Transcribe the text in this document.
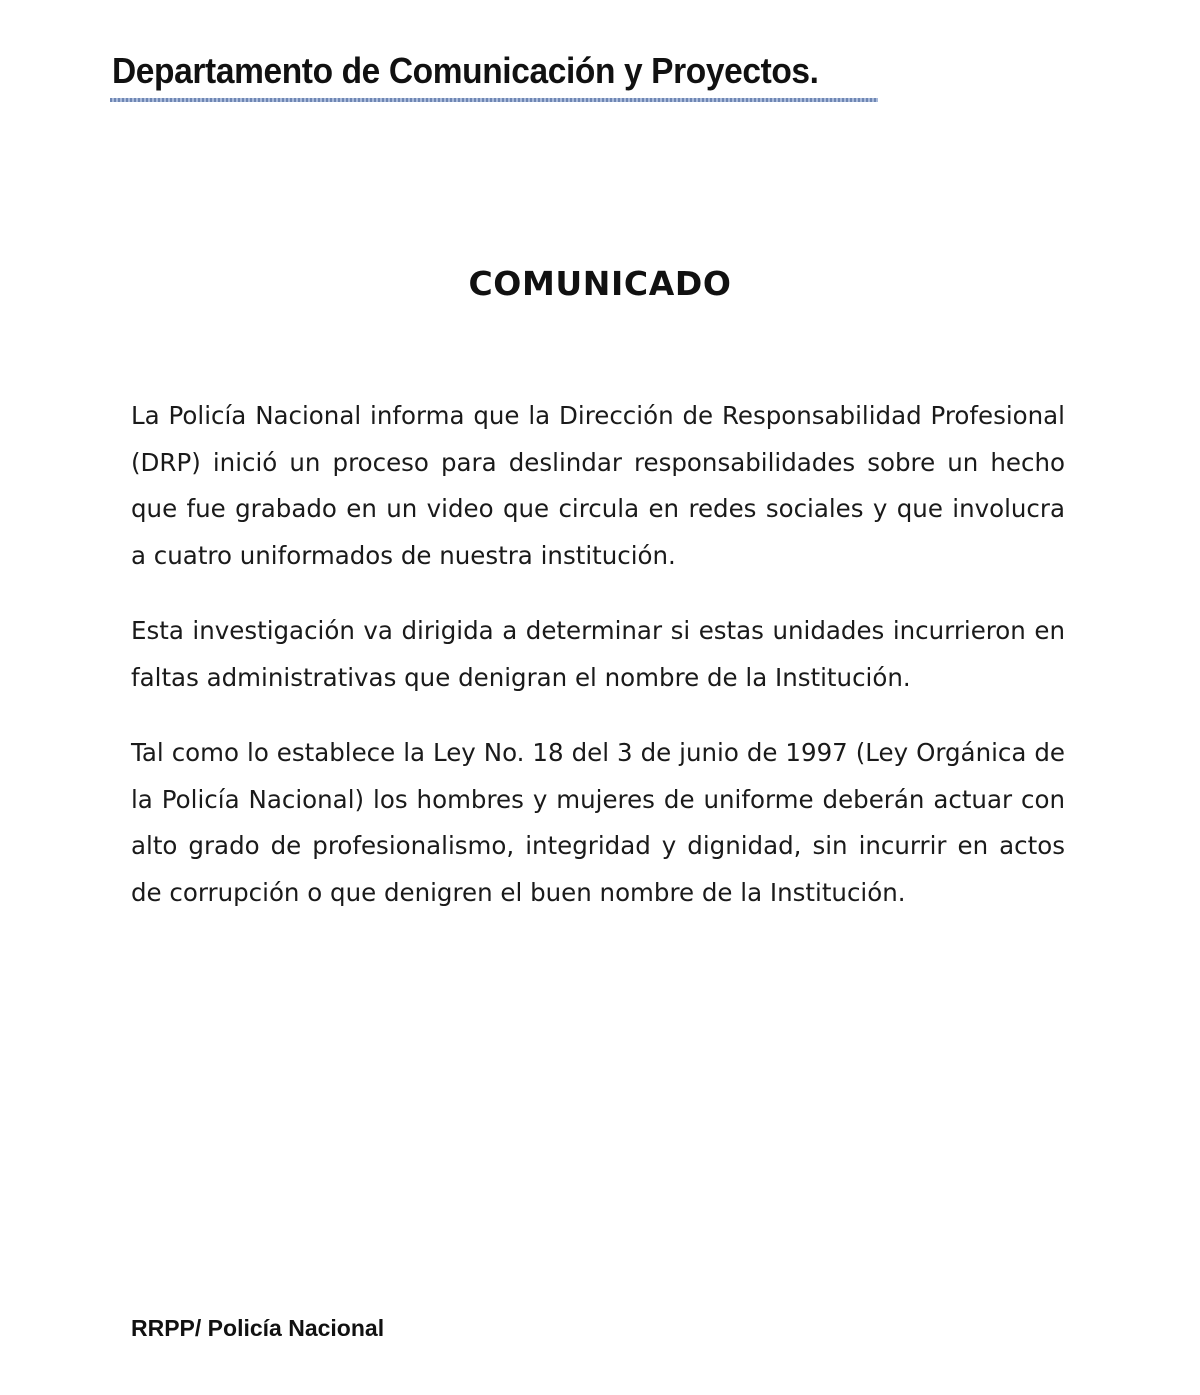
Departamento de Comunicación y Proyectos.
COMUNICADO

La Policía Nacional informa que la Dirección de Responsabilidad Profesional (DRP) inició un proceso para deslindar responsabilidades sobre un hecho que fue grabado en un video que circula en redes sociales y que involucra a cuatro uniformados de nuestra institución.

Esta investigación va dirigida a determinar si estas unidades incurrieron en faltas administrativas que denigran el nombre de la Institución.

Tal como lo establece la Ley No. 18 del 3 de junio de 1997 (Ley Orgánica de la Policía Nacional) los hombres y mujeres de uniforme deberán actuar con alto grado de profesionalismo, integridad y dignidad, sin incurrir en actos de corrupción o que denigren el buen nombre de la Institución.

RRPP/ Policía Nacional
